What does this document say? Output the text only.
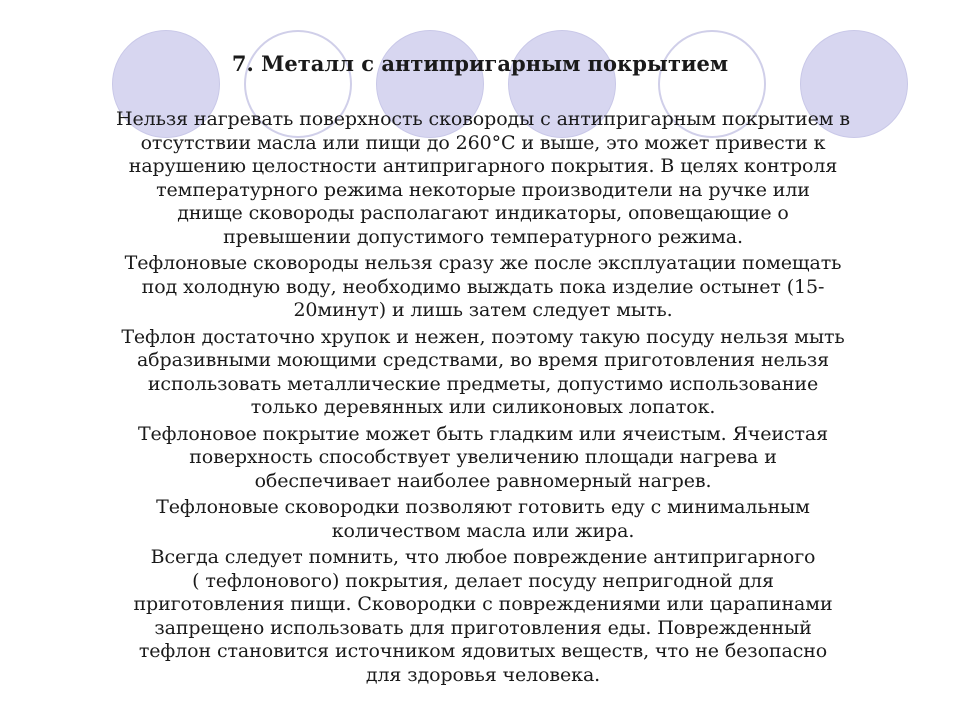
7. Металл с антипригарным покрытием

Нельзя нагревать поверхность сковороды с антипригарным покрытием в
отсутствии масла или пищи до 260°С и выше, это может привести к
нарушению целостности антипригарного покрытия. В целях контроля
температурного режима некоторые производители на ручке или
днище сковороды располагают индикаторы, оповещающие о
превышении допустимого температурного режима.

Тефлоновые сковороды нельзя сразу же после эксплуатации помещать
под холодную воду, необходимо выждать пока изделие остынет (15-
20минут) и лишь затем следует мыть.

Тефлон достаточно хрупок и нежен, поэтому такую посуду нельзя мыть
абразивными моющими средствами, во время приготовления нельзя
использовать металлические предметы, допустимо использование
только деревянных или силиконовых лопаток.

Тефлоновое покрытие может быть гладким или ячеистым. Ячеистая
поверхность способствует увеличению площади нагрева и
обеспечивает наиболее равномерный нагрев.

Тефлоновые сковородки позволяют готовить еду с минимальным
количеством масла или жира.

Всегда следует помнить, что любое повреждение антипригарного
( тефлонового) покрытия, делает посуду непригодной для
приготовления пищи. Сковородки с повреждениями или царапинами
запрещено использовать для приготовления еды. Поврежденный
тефлон становится источником ядовитых веществ, что не безопасно
для здоровья человека.
